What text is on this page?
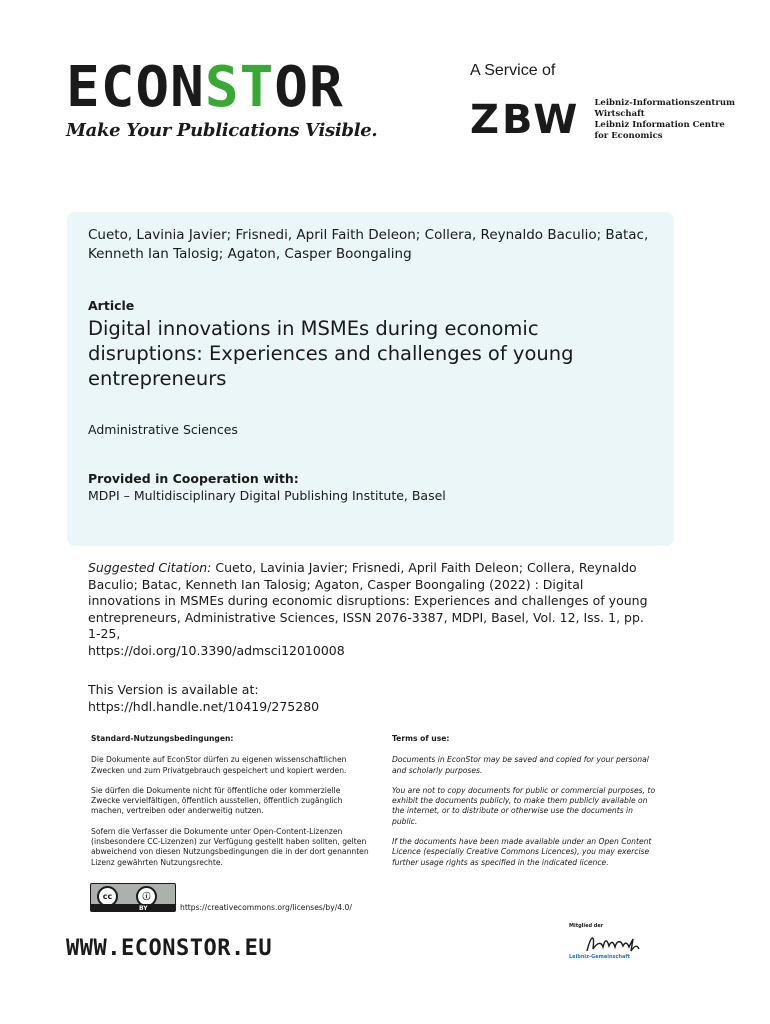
ECONSTOR
Make Your Publications Visible.
A Service of
ZBW Leibniz-Informationszentrum
Wirtschaft
Leibniz Information Centre
for Economics
Cueto, Lavinia Javier; Frisnedi, April Faith Deleon; Collera, Reynaldo Baculio; Batac, Kenneth Ian Talosig; Agaton, Casper Boongaling
Article
Digital innovations in MSMEs during economic disruptions: Experiences and challenges of young entrepreneurs
Administrative Sciences
Provided in Cooperation with:
MDPI – Multidisciplinary Digital Publishing Institute, Basel
Suggested Citation: Cueto, Lavinia Javier; Frisnedi, April Faith Deleon; Collera, Reynaldo Baculio; Batac, Kenneth Ian Talosig; Agaton, Casper Boongaling (2022) : Digital innovations in MSMEs during economic disruptions: Experiences and challenges of young entrepreneurs, Administrative Sciences, ISSN 2076-3387, MDPI, Basel, Vol. 12, Iss. 1, pp. 1-25,
https://doi.org/10.3390/admsci12010008
This Version is available at:
https://hdl.handle.net/10419/275280
Standard-Nutzungsbedingungen:

Die Dokumente auf EconStor dürfen zu eigenen wissenschaftlichen Zwecken und zum Privatgebrauch gespeichert und kopiert werden.

Sie dürfen die Dokumente nicht für öffentliche oder kommerzielle Zwecke vervielfältigen, öffentlich ausstellen, öffentlich zugänglich machen, vertreiben oder anderweitig nutzen.

Sofern die Verfasser die Dokumente unter Open-Content-Lizenzen (insbesondere CC-Lizenzen) zur Verfügung gestellt haben sollten, gelten abweichend von diesen Nutzungsbedingungen die in der dort genannten Lizenz gewährten Nutzungsrechte.

Terms of use:

Documents in EconStor may be saved and copied for your personal and scholarly purposes.

You are not to copy documents for public or commercial purposes, to exhibit the documents publicly, to make them publicly available on the internet, or to distribute or otherwise use the documents in public.

If the documents have been made available under an Open Content Licence (especially Creative Commons Licences), you may exercise further usage rights as specified in the indicated licence.

cc	ⓘ
BY	https://creativecommons.org/licenses/by/4.0/
WWW.ECONSTOR.EU
Mitglied der
Leibniz-Gemeinschaft
